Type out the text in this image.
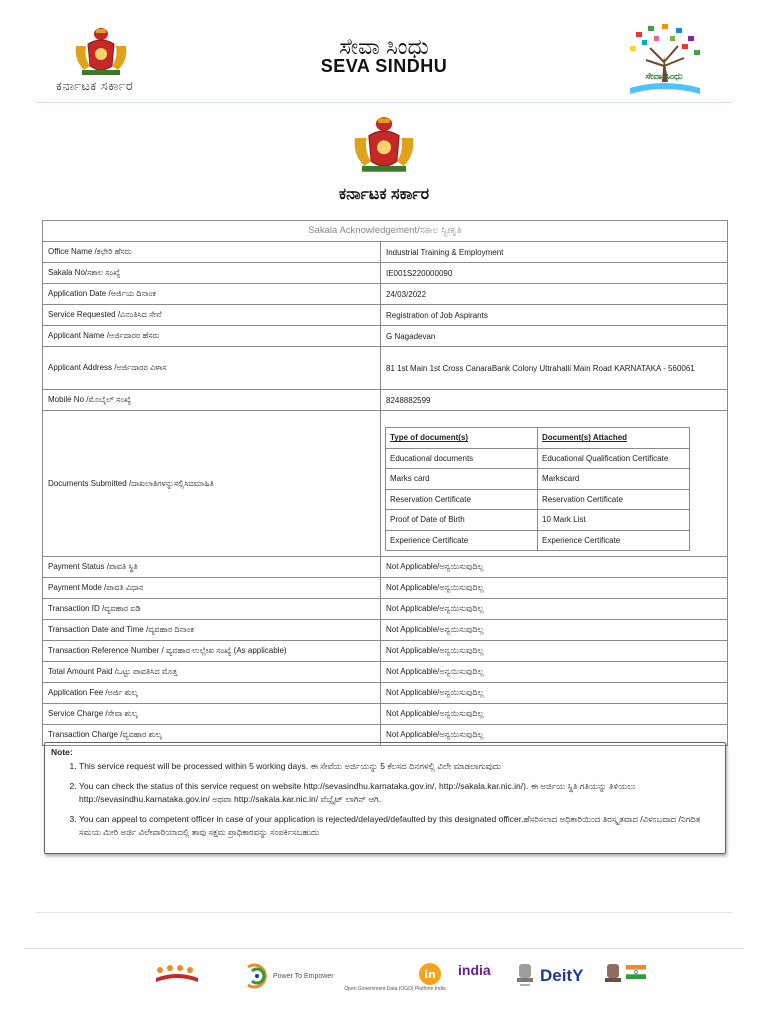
ಕರ್ನಾಟಕ ಸರ್ಕಾರ
ಸೇವಾ ಸಿಂಧು
SEVA SINDHU
ಸೇವಾ ಸಿಂಧು
ಕರ್ನಾಟಕ ಸರ್ಕಾರ
Sakala Acknowledgement/ಸಕಾಲ ಸ್ವೀಕೃತಿ
Office Name /ಕಛೇರಿ ಹೆಸರು	Industrial Training & Employment
Sakala No/ಸಕಾಲ ಸಂಖ್ಯೆ	IE001S220000090
Application Date /ಅರ್ಜಿಯ ದಿನಾಂಕ	24/03/2022
Service Requested /ವಿನಂತಿಸಿದ ಸೇವೆ	Registration of Job Aspirants
Applicant Name /ಅರ್ಜಿದಾರರ ಹೆಸರು	G Nagadevan
Applicant Address /ಅರ್ಜಿದಾರರ ವಿಳಾಸ	81 1st Main 1st Cross CanaraBank Colony Uttrahalli Main Road KARNATAKA - 560061
Mobile No /ಮೊಬೈಲ್ ಸಂಖ್ಯೆ	8248882599
Documents Submitted /ದಾಖಲಾತಿಗಳನ್ನುಸಲ್ಲಿಸಿದಮಾಹಿತಿ
Type of document(s)	Document(s) Attached
Educational documents	Educational Qualification Certificate
Marks card	Markscard
Reservation Certificate	Reservation Certificate
Proof of Date of Birth	10 Mark List
Experience Certificate	Experience Certificate
Payment Status /ಪಾವತಿ ಸ್ಥಿತಿ	Not Applicable/ಅನ್ವಯಿಸುವುದಿಲ್ಲ
Payment Mode /ಪಾವತಿ ವಿಧಾನ	Not Applicable/ಅನ್ವಯಿಸುವುದಿಲ್ಲ
Transaction ID /ವ್ಯವಹಾರ ಐಡಿ	Not Applicable/ಅನ್ವಯಿಸುವುದಿಲ್ಲ
Transaction Date and Time /ವ್ಯವಹಾರ ದಿನಾಂಕ	Not Applicable/ಅನ್ವಯಿಸುವುದಿಲ್ಲ
Transaction Reference Number / ವ್ಯವಹಾರ ಉಲ್ಲೇಖ ಸಂಖ್ಯೆ (As applicable)	Not Applicable/ಅನ್ವಯಿಸುವುದಿಲ್ಲ
Total Amount Paid /ಒಟ್ಟು ಪಾವತಿಸಿದ ಮೊತ್ತ	Not Applicable/ಅನ್ವಯಿಸುವುದಿಲ್ಲ
Application Fee /ಅರ್ಜಿ ಶುಲ್ಕ	Not Applicable/ಅನ್ವಯಿಸುವುದಿಲ್ಲ
Service Charge /ಸೇವಾ ಶುಲ್ಕ	Not Applicable/ಅನ್ವಯಿಸುವುದಿಲ್ಲ
Transaction Charge /ವ್ಯವಹಾರ ಶುಲ್ಕ	Not Applicable/ಅನ್ವಯಿಸುವುದಿಲ್ಲ
Note:
1. This service request will be processed within 5 working days. ಈ ಸೇವೆಯ ಅರ್ಜಿಯನ್ನು 5 ಕೆಲಸದ ದಿನಗಳಲ್ಲಿ ವಿಲೇ ಮಾಡಲಾಗುವುದು
2. You can check the status of this service request on website http://sevasindhu.karnataka.gov.in/, http://sakala.kar.nic.in/). ಈ ಅರ್ಜಿಯ ಸ್ಥಿತಿ ಗತಿಯನ್ನು ತಿಳಿಯಲು http://sevasindhu.karnataka.gov.in/ ಅಥವಾ http://sakala.kar.nic.in/ ವೆಬ್ಸೈಟ್ ಲಾಗಿನ್ ಆಗಿ.
3. You can appeal to competent officer in case of your application is rejected/delayed/defaulted by this designated officer.ಹೆಸರಿಸಲಾದ ಅಧಿಕಾರಿಯಿಂದ ತಿರಸ್ಕೃತವಾದ /ವಿಳಂಬವಾದ /ನಿಗದಿತ ಸಮಯ ಮೀರಿ ಅರ್ಜಿ ವಿಲೇವಾರಿಯಾದಲ್ಲಿ ತಾವು ಸಕ್ಷಮ ಪ್ರಾಧಿಕಾರವನ್ನು ಸಂಪರ್ಕಿಸಬಹುದು
Power To Empower
Open Government Data (OGD) Platform India
in india	DeitY
